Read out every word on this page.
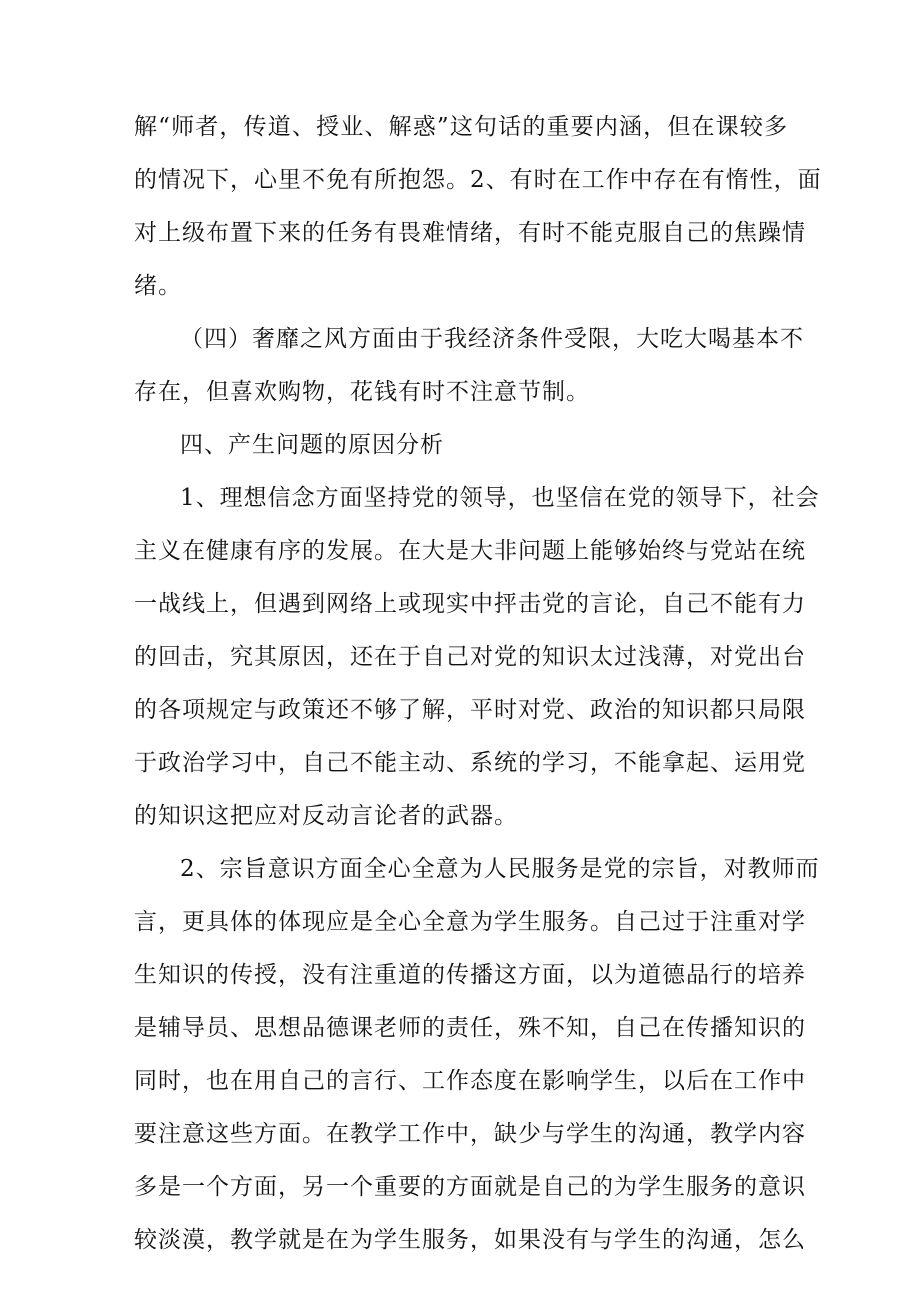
解“师者，传道、授业、解惑”这句话的重要内涵，但在课较多
的情况下，心里不免有所抱怨。2、有时在工作中存在有惰性，面
对上级布置下来的任务有畏难情绪，有时不能克服自己的焦躁情
绪。
（四）奢靡之风方面由于我经济条件受限，大吃大喝基本不
存在，但喜欢购物，花钱有时不注意节制。
四、产生问题的原因分析
1、理想信念方面坚持党的领导，也坚信在党的领导下，社会
主义在健康有序的发展。在大是大非问题上能够始终与党站在统
一战线上，但遇到网络上或现实中抨击党的言论，自己不能有力
的回击，究其原因，还在于自己对党的知识太过浅薄，对党出台
的各项规定与政策还不够了解，平时对党、政治的知识都只局限
于政治学习中，自己不能主动、系统的学习，不能拿起、运用党
的知识这把应对反动言论者的武器。
2、宗旨意识方面全心全意为人民服务是党的宗旨，对教师而
言，更具体的体现应是全心全意为学生服务。自己过于注重对学
生知识的传授，没有注重道的传播这方面，以为道德品行的培养
是辅导员、思想品德课老师的责任，殊不知，自己在传播知识的
同时，也在用自己的言行、工作态度在影响学生，以后在工作中
要注意这些方面。在教学工作中，缺少与学生的沟通，教学内容
多是一个方面，另一个重要的方面就是自己的为学生服务的意识
较淡漠，教学就是在为学生服务，如果没有与学生的沟通，怎么
